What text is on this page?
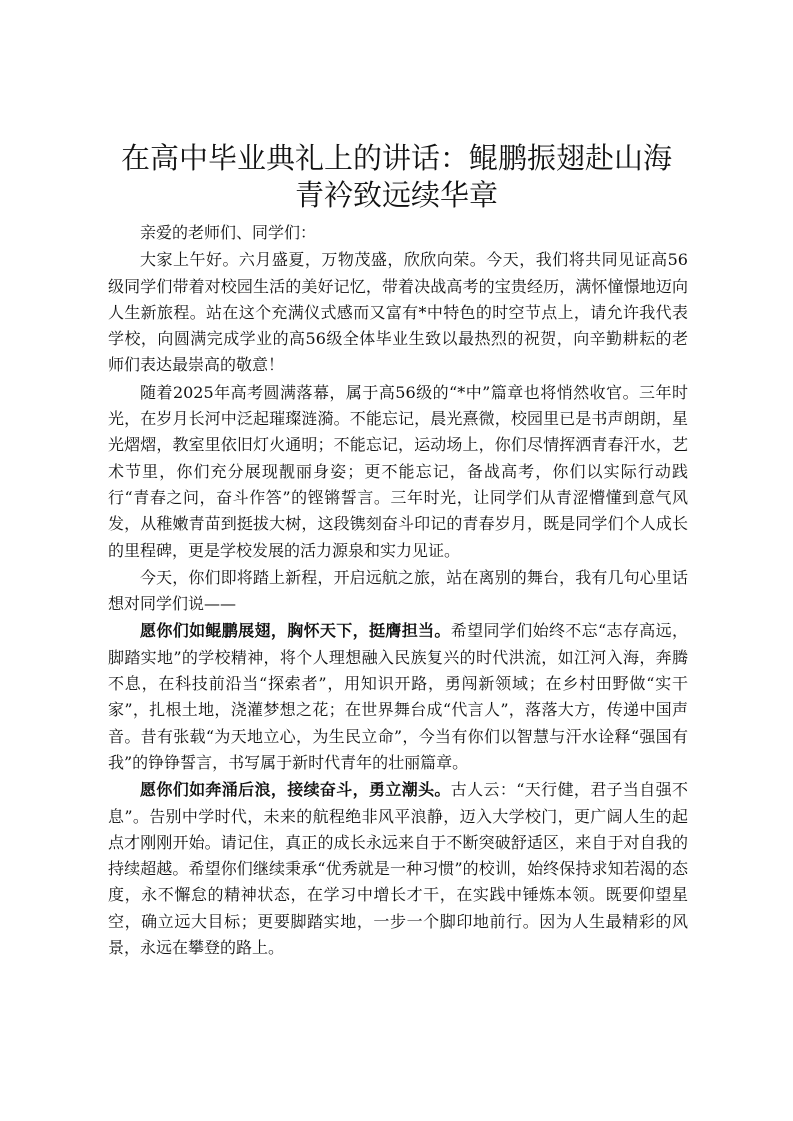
在高中毕业典礼上的讲话：鲲鹏振翅赴山海
青衿致远续华章

亲爱的老师们、同学们：

大家上午好。六月盛夏，万物茂盛，欣欣向荣。今天，我们将共同见证高56级同学们带着对校园生活的美好记忆，带着决战高考的宝贵经历，满怀憧憬地迈向人生新旅程。站在这个充满仪式感而又富有*中特色的时空节点上，请允许我代表学校，向圆满完成学业的高56级全体毕业生致以最热烈的祝贺，向辛勤耕耘的老师们表达最崇高的敬意！

随着2025年高考圆满落幕，属于高56级的“*中”篇章也将悄然收官。三年时光，在岁月长河中泛起璀璨涟漪。不能忘记，晨光熹微，校园里已是书声朗朗，星光熠熠，教室里依旧灯火通明；不能忘记，运动场上，你们尽情挥洒青春汗水，艺术节里，你们充分展现靓丽身姿；更不能忘记，备战高考，你们以实际行动践行“青春之问，奋斗作答”的铿锵誓言。三年时光，让同学们从青涩懵懂到意气风发，从稚嫩青苗到挺拔大树，这段镌刻奋斗印记的青春岁月，既是同学们个人成长的里程碑，更是学校发展的活力源泉和实力见证。

今天，你们即将踏上新程，开启远航之旅，站在离别的舞台，我有几句心里话想对同学们说——

愿你们如鲲鹏展翅，胸怀天下，挺膺担当。希望同学们始终不忘“志存高远，脚踏实地”的学校精神，将个人理想融入民族复兴的时代洪流，如江河入海，奔腾不息，在科技前沿当“探索者”，用知识开路，勇闯新领域；在乡村田野做“实干家”，扎根土地，浇灌梦想之花；在世界舞台成“代言人”，落落大方，传递中国声音。昔有张载“为天地立心，为生民立命”，今当有你们以智慧与汗水诠释“强国有我”的铮铮誓言，书写属于新时代青年的壮丽篇章。

愿你们如奔涌后浪，接续奋斗，勇立潮头。古人云：“天行健，君子当自强不息”。告别中学时代，未来的航程绝非风平浪静，迈入大学校门，更广阔人生的起点才刚刚开始。请记住，真正的成长永远来自于不断突破舒适区，来自于对自我的持续超越。希望你们继续秉承“优秀就是一种习惯”的校训，始终保持求知若渴的态度，永不懈怠的精神状态，在学习中增长才干，在实践中锤炼本领。既要仰望星空，确立远大目标；更要脚踏实地，一步一个脚印地前行。因为人生最精彩的风景，永远在攀登的路上。
